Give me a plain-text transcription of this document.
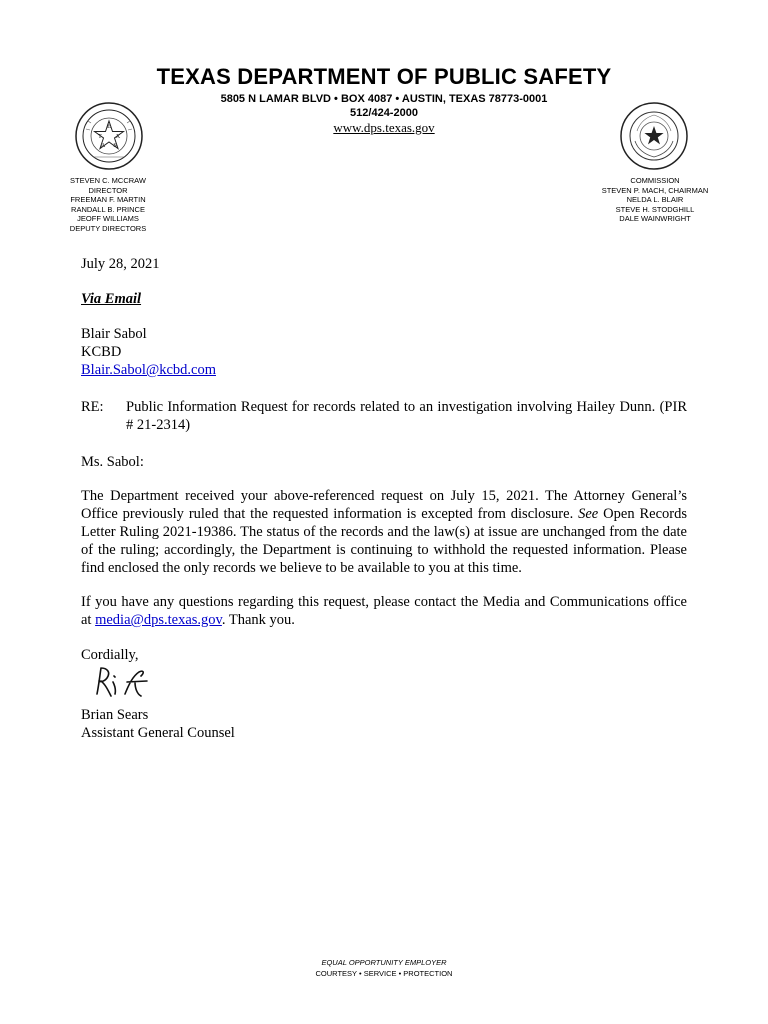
TEXAS DEPARTMENT OF PUBLIC SAFETY
5805 N LAMAR BLVD • BOX 4087 • AUSTIN, TEXAS 78773-0001
512/424-2000
www.dps.texas.gov
E
T X
A S
STEVEN C. MCCRAW
DIRECTOR
FREEMAN F. MARTIN
RANDALL B. PRINCE
JEOFF WILLIAMS
DEPUTY DIRECTORS
COMMISSION
STEVEN P. MACH, CHAIRMAN
NELDA L. BLAIR
STEVE H. STODGHILL
DALE WAINWRIGHT
July 28, 2021
Via Email
Blair Sabol
KCBD
Blair.Sabol@kcbd.com
RE: Public Information Request for records related to an investigation involving Hailey Dunn. (PIR # 21-2314)
Ms. Sabol:
The Department received your above-referenced request on July 15, 2021. The Attorney General’s Office previously ruled that the requested information is excepted from disclosure. See Open Records Letter Ruling 2021-19386. The status of the records and the law(s) at issue are unchanged from the date of the ruling; accordingly, the Department is continuing to withhold the requested information. Please find enclosed the only records we believe to be available to you at this time.
If you have any questions regarding this request, please contact the Media and Communications office at media@dps.texas.gov. Thank you.
Cordially,
Brian Sears
Assistant General Counsel
EQUAL OPPORTUNITY EMPLOYER
COURTESY • SERVICE • PROTECTION
